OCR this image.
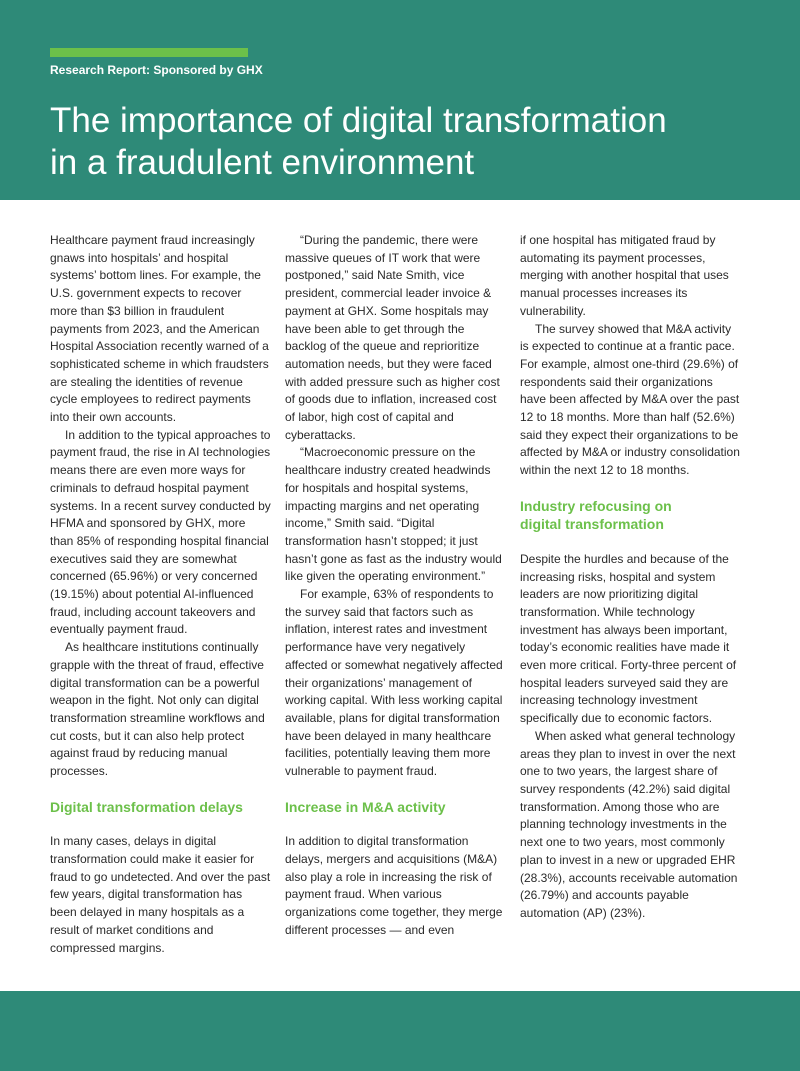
Research Report: Sponsored by GHX
The importance of digital transformation
in a fraudulent environment

Healthcare payment fraud increasingly gnaws into hospitals’ and hospital systems’ bottom lines. For example, the U.S. government expects to recover more than $3 billion in fraudulent payments from 2023, and the American Hospital Association recently warned of a sophisticated scheme in which fraudsters are stealing the identities of revenue cycle employees to redirect payments into their own accounts.

In addition to the typical approaches to payment fraud, the rise in AI technologies means there are even more ways for criminals to defraud hospital payment systems. In a recent survey conducted by HFMA and sponsored by GHX, more than 85% of responding hospital financial executives said they are somewhat concerned (65.96%) or very concerned (19.15%) about potential AI-influenced fraud, including account takeovers and eventually payment fraud.

As healthcare institutions continually grapple with the threat of fraud, effective digital transformation can be a powerful weapon in the fight. Not only can digital transformation streamline workflows and cut costs, but it can also help protect against fraud by reducing manual processes.

Digital transformation delays

In many cases, delays in digital transformation could make it easier for fraud to go undetected. And over the past few years, digital transformation has been delayed in many hospitals as a result of market conditions and compressed margins.

“During the pandemic, there were massive queues of IT work that were postponed,” said Nate Smith, vice president, commercial leader invoice & payment at GHX. Some hospitals may have been able to get through the backlog of the queue and reprioritize automation needs, but they were faced with added pressure such as higher cost of goods due to inflation, increased cost of labor, high cost of capital and cyberattacks.

“Macroeconomic pressure on the healthcare industry created headwinds for hospitals and hospital systems, impacting margins and net operating income,” Smith said. “Digital transformation hasn’t stopped; it just hasn’t gone as fast as the industry would like given the operating environment.”

For example, 63% of respondents to the survey said that factors such as inflation, interest rates and investment performance have very negatively affected or somewhat negatively affected their organizations’ management of working capital. With less working capital available, plans for digital transformation have been delayed in many healthcare facilities, potentially leaving them more vulnerable to payment fraud.

Increase in M&A activity

In addition to digital transformation delays, mergers and acquisitions (M&A) also play a role in increasing the risk of payment fraud. When various organizations come together, they merge different processes — and even

if one hospital has mitigated fraud by automating its payment processes, merging with another hospital that uses manual processes increases its vulnerability.

The survey showed that M&A activity is expected to continue at a frantic pace. For example, almost one-third (29.6%) of respondents said their organizations have been affected by M&A over the past 12 to 18 months. More than half (52.6%) said they expect their organizations to be affected by M&A or industry consolidation within the next 12 to 18 months.

Industry refocusing on
digital transformation

Despite the hurdles and because of the increasing risks, hospital and system leaders are now prioritizing digital transformation. While technology investment has always been important, today’s economic realities have made it even more critical. Forty-three percent of hospital leaders surveyed said they are increasing technology investment specifically due to economic factors.

When asked what general technology areas they plan to invest in over the next one to two years, the largest share of survey respondents (42.2%) said digital transformation. Among those who are planning technology investments in the next one to two years, most commonly plan to invest in a new or upgraded EHR (28.3%), accounts receivable automation (26.79%) and accounts payable automation (AP) (23%).
